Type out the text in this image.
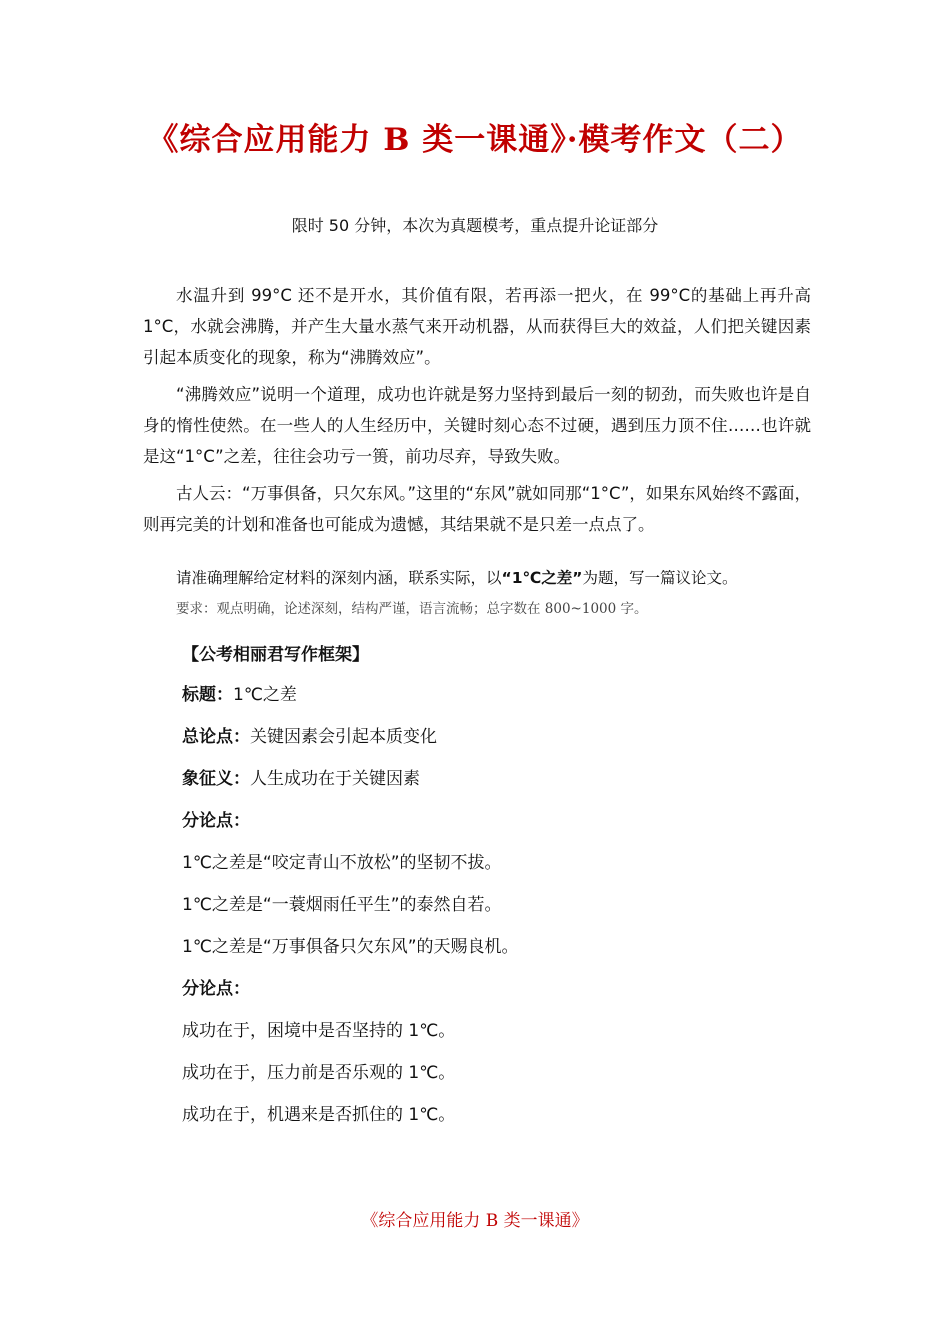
《综合应用能力 B 类一课通》·模考作文（二）
限时 50 分钟，本次为真题模考，重点提升论证部分

水温升到 99°C 还不是开水，其价值有限，若再添一把火，在 99°C的基础上再升高 1°C，水就会沸腾，并产生大量水蒸气来开动机器，从而获得巨大的效益，人们把关键因素引起本质变化的现象，称为“沸腾效应”。

“沸腾效应”说明一个道理，成功也许就是努力坚持到最后一刻的韧劲，而失败也许是自身的惰性使然。在一些人的人生经历中，关键时刻心态不过硬，遇到压力顶不住……也许就是这“1°C”之差，往往会功亏一篑，前功尽弃，导致失败。

古人云：“万事俱备，只欠东风。”这里的“东风”就如同那“1°C”，如果东风始终不露面，则再完美的计划和准备也可能成为遗憾，其结果就不是只差一点点了。

请准确理解给定材料的深刻内涵，联系实际，以“1℃之差”为题，写一篇议论文。
要求：观点明确，论述深刻，结构严谨，语言流畅；总字数在 800~1000 字。
【公考相丽君写作框架】
标题：1℃之差
总论点：关键因素会引起本质变化
象征义：人生成功在于关键因素
分论点：
1℃之差是“咬定青山不放松”的坚韧不拔。
1℃之差是“一蓑烟雨任平生”的泰然自若。
1℃之差是“万事俱备只欠东风”的天赐良机。
分论点：
成功在于，困境中是否坚持的 1℃。
成功在于，压力前是否乐观的 1℃。
成功在于，机遇来是否抓住的 1℃。
《综合应用能力 B 类一课通》
